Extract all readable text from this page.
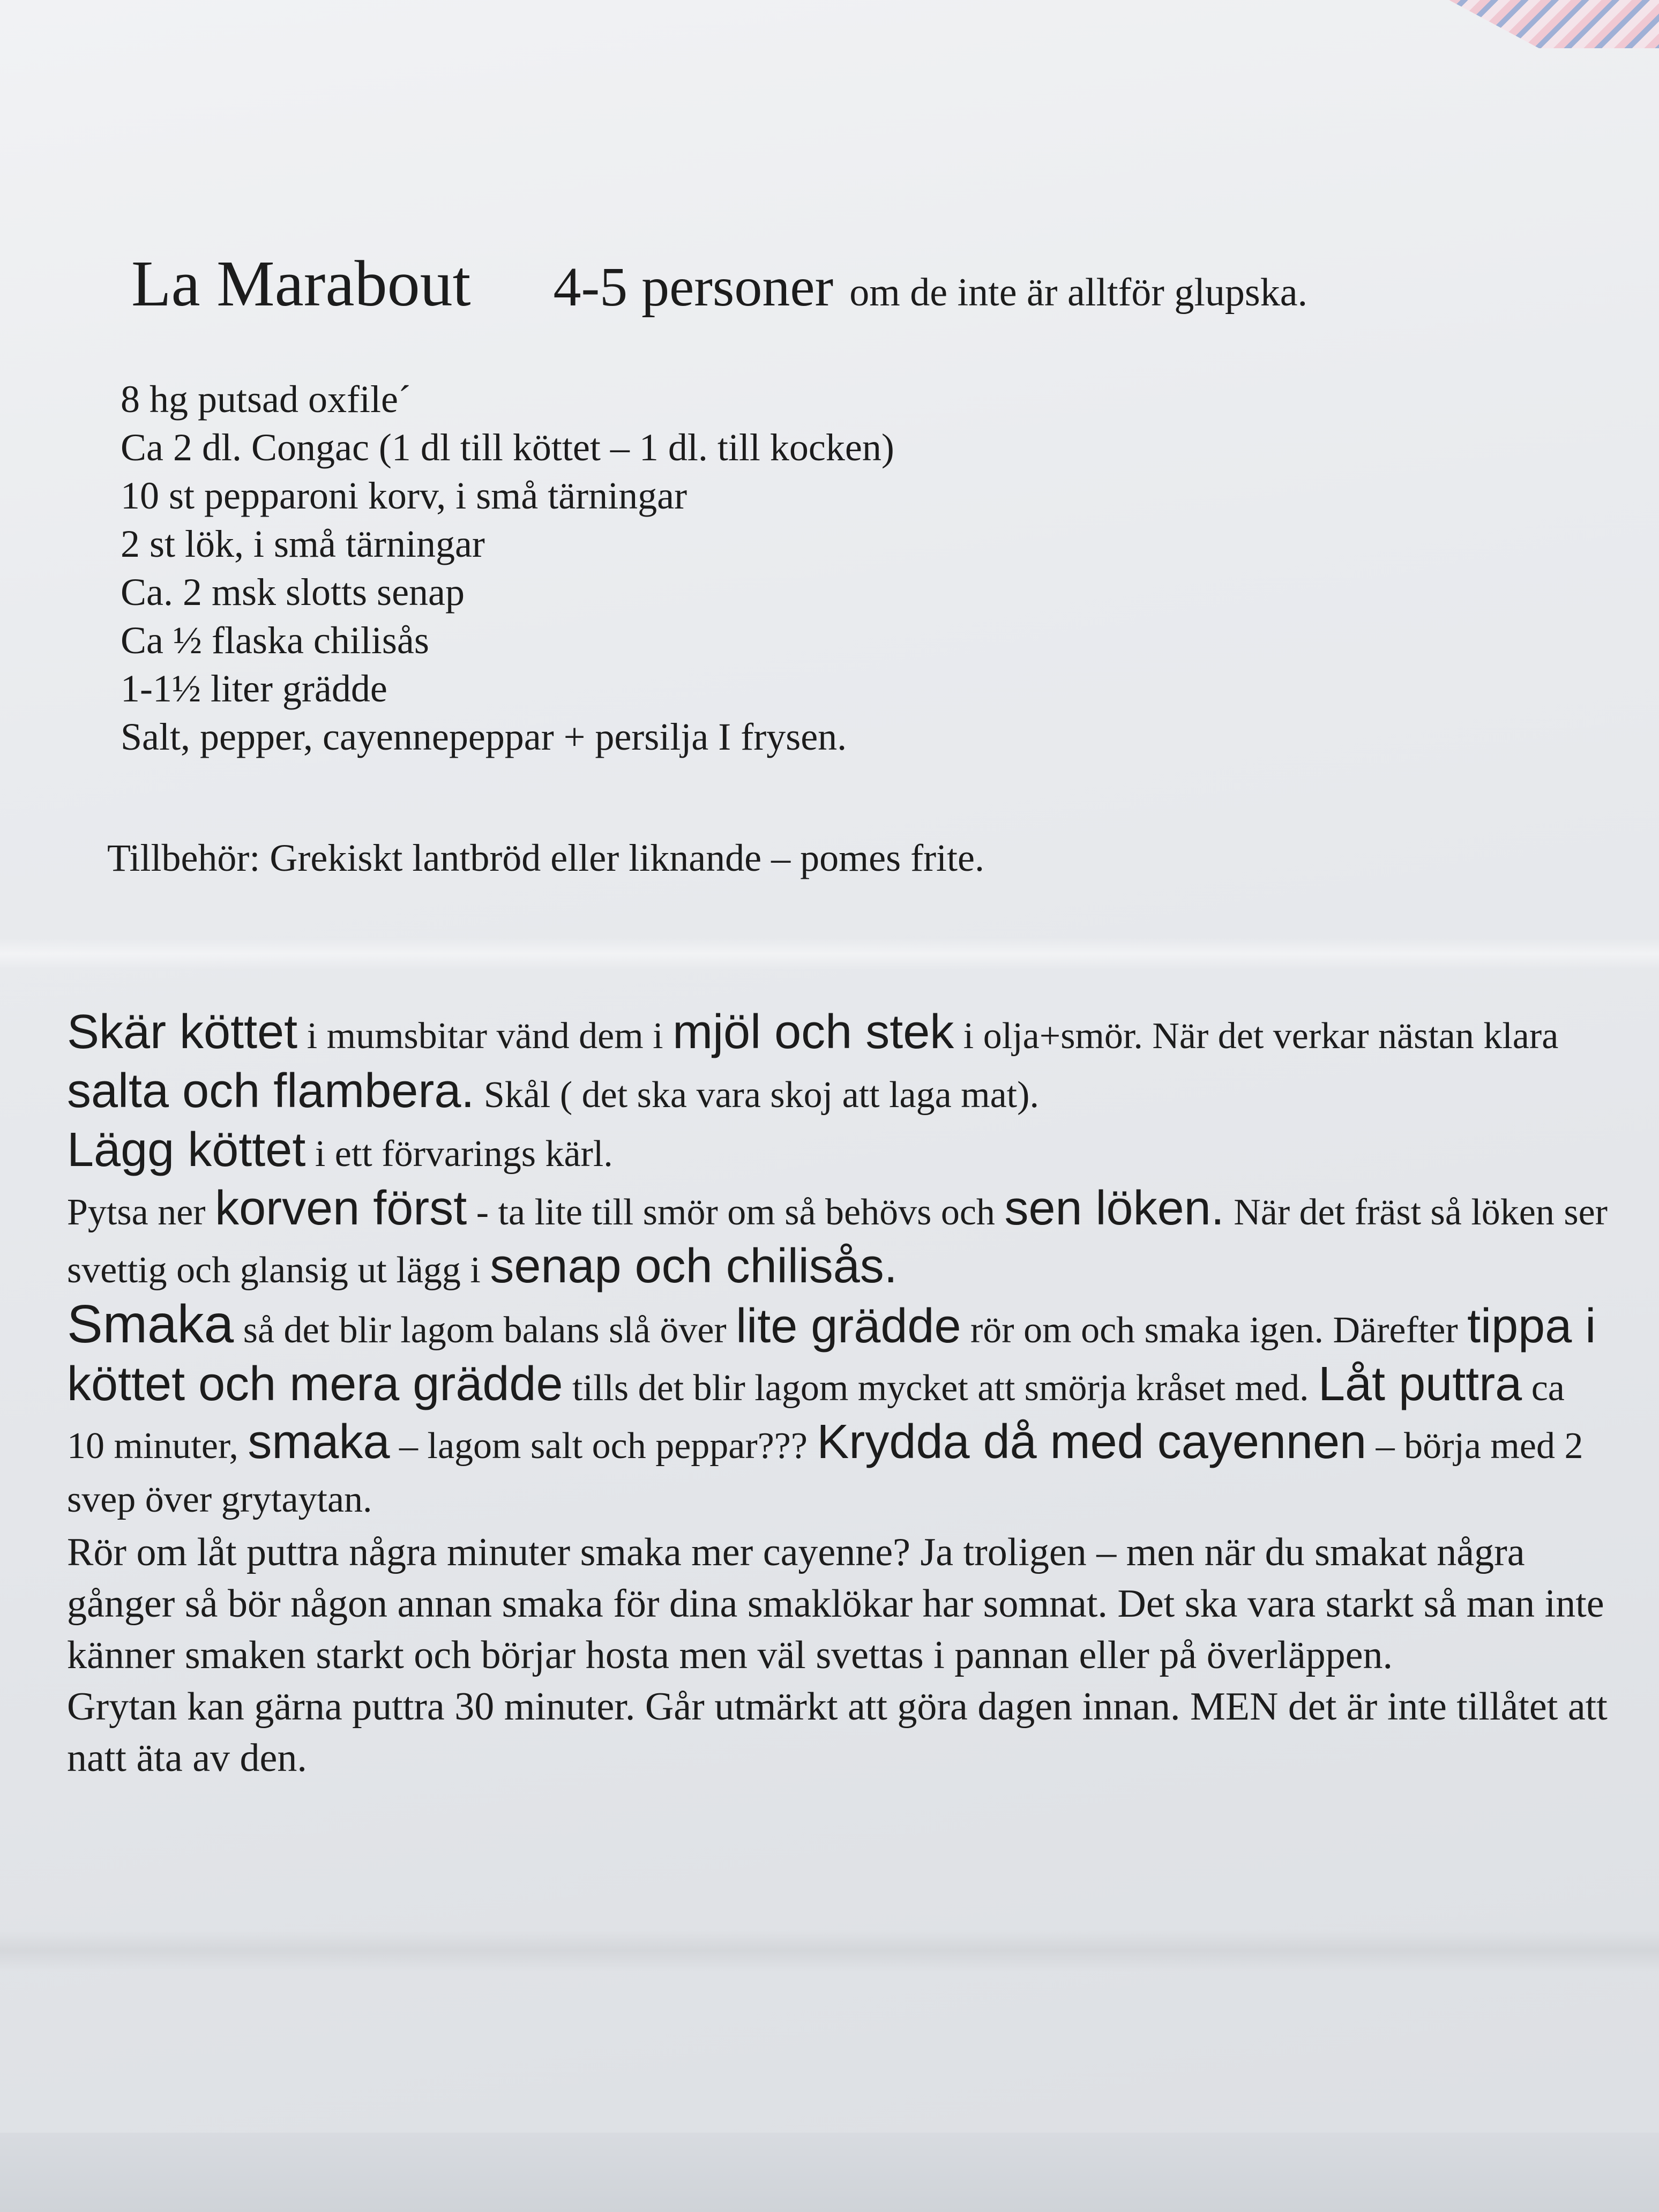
La Marabout 4-5 personer om de inte är alltför glupska.
8 hg putsad oxfile´
Ca 2 dl. Congac (1 dl till köttet – 1 dl. till kocken)
10 st pepparoni korv, i små tärningar
2 st lök, i små tärningar
Ca. 2 msk slotts senap
Ca ½ flaska chilisås
1-1½ liter grädde
Salt, pepper, cayennepeppar + persilja I frysen.
Tillbehör: Grekiskt lantbröd eller liknande – pomes frite.
Skär köttet i mumsbitar vänd dem i mjöl och stek i olja+smör. När det verkar nästan klara salta och flambera. Skål ( det ska vara skoj att laga mat).
Lägg köttet i ett förvarings kärl.
Pytsa ner korven först - ta lite till smör om så behövs och sen löken. När det fräst så löken ser svettig och glansig ut lägg i senap och chilisås.
Smaka så det blir lagom balans slå över lite grädde rör om och smaka igen. Därefter tippa i köttet och mera grädde tills det blir lagom mycket att smörja kråset med. Låt puttra ca 10 minuter, smaka – lagom salt och peppar??? Krydda då med cayennen – börja med 2 svep över grytaytan.
Rör om låt puttra några minuter smaka mer cayenne? Ja troligen – men när du smakat några gånger så bör någon annan smaka för dina smaklökar har somnat. Det ska vara starkt så man inte känner smaken starkt och börjar hosta men väl svettas i pannan eller på överläppen.
Grytan kan gärna puttra 30 minuter. Går utmärkt att göra dagen innan. MEN det är inte tillåtet att natt äta av den.
